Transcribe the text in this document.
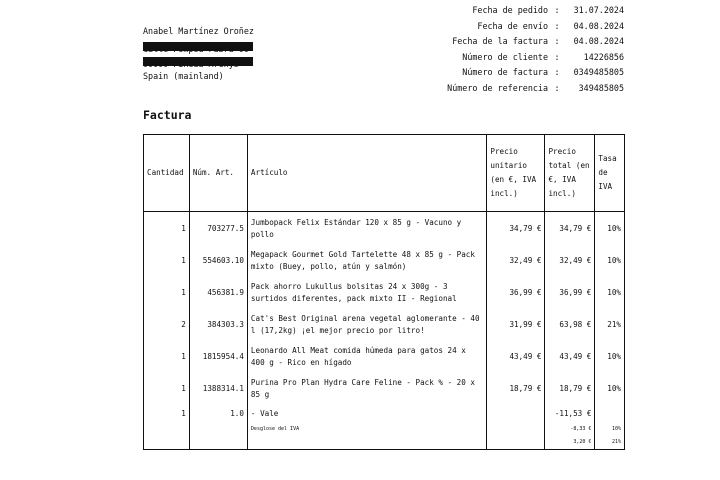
Anabel Martínez Oroñez
Calle Pompeu Fabra 00
00000 Pineda Arenys
Spain (mainland)
Fecha de pedido :	31.07.2024
Fecha de envío :	04.08.2024
Fecha de la factura :	04.08.2024
Número de cliente :	14226856
Número de factura :	0349485805
Número de referencia :	349485805
Factura
Cantidad	Núm. Art.	Artículo	Precio unitario (en €, IVA incl.)	Precio total (en €, IVA incl.)	Tasa de IVA
1	703277.5	Jumbopack Felix Estándar 120 x 85 g - Vacuno y pollo	34,79 €	34,79 €	10%
1	554603.10	Megapack Gourmet Gold Tartelette 48 x 85 g - Pack mixto (Buey, pollo, atún y salmón)	32,49 €	32,49 €	10%
1	456381.9	Pack ahorro Lukullus bolsitas 24 x 300g - 3 surtidos diferentes, pack mixto II - Regional	36,99 €	36,99 €	10%
2	384303.3	Cat's Best Original arena vegetal aglomerante - 40 l (17,2kg) ¡el mejor precio por litro!	31,99 €	63,98 €	21%
1	1815954.4	Leonardo All Meat comida húmeda para gatos 24 x 400 g - Rico en hígado	43,49 €	43,49 €	10%
1	1388314.1	Purina Pro Plan Hydra Care Feline - Pack % - 20 x 85 g	18,79 €	18,79 €	10%
1	1.0	- Vale		-11,53 €	
		Desglose del IVA		-8,33 €	10%
				3,20 €	21%
